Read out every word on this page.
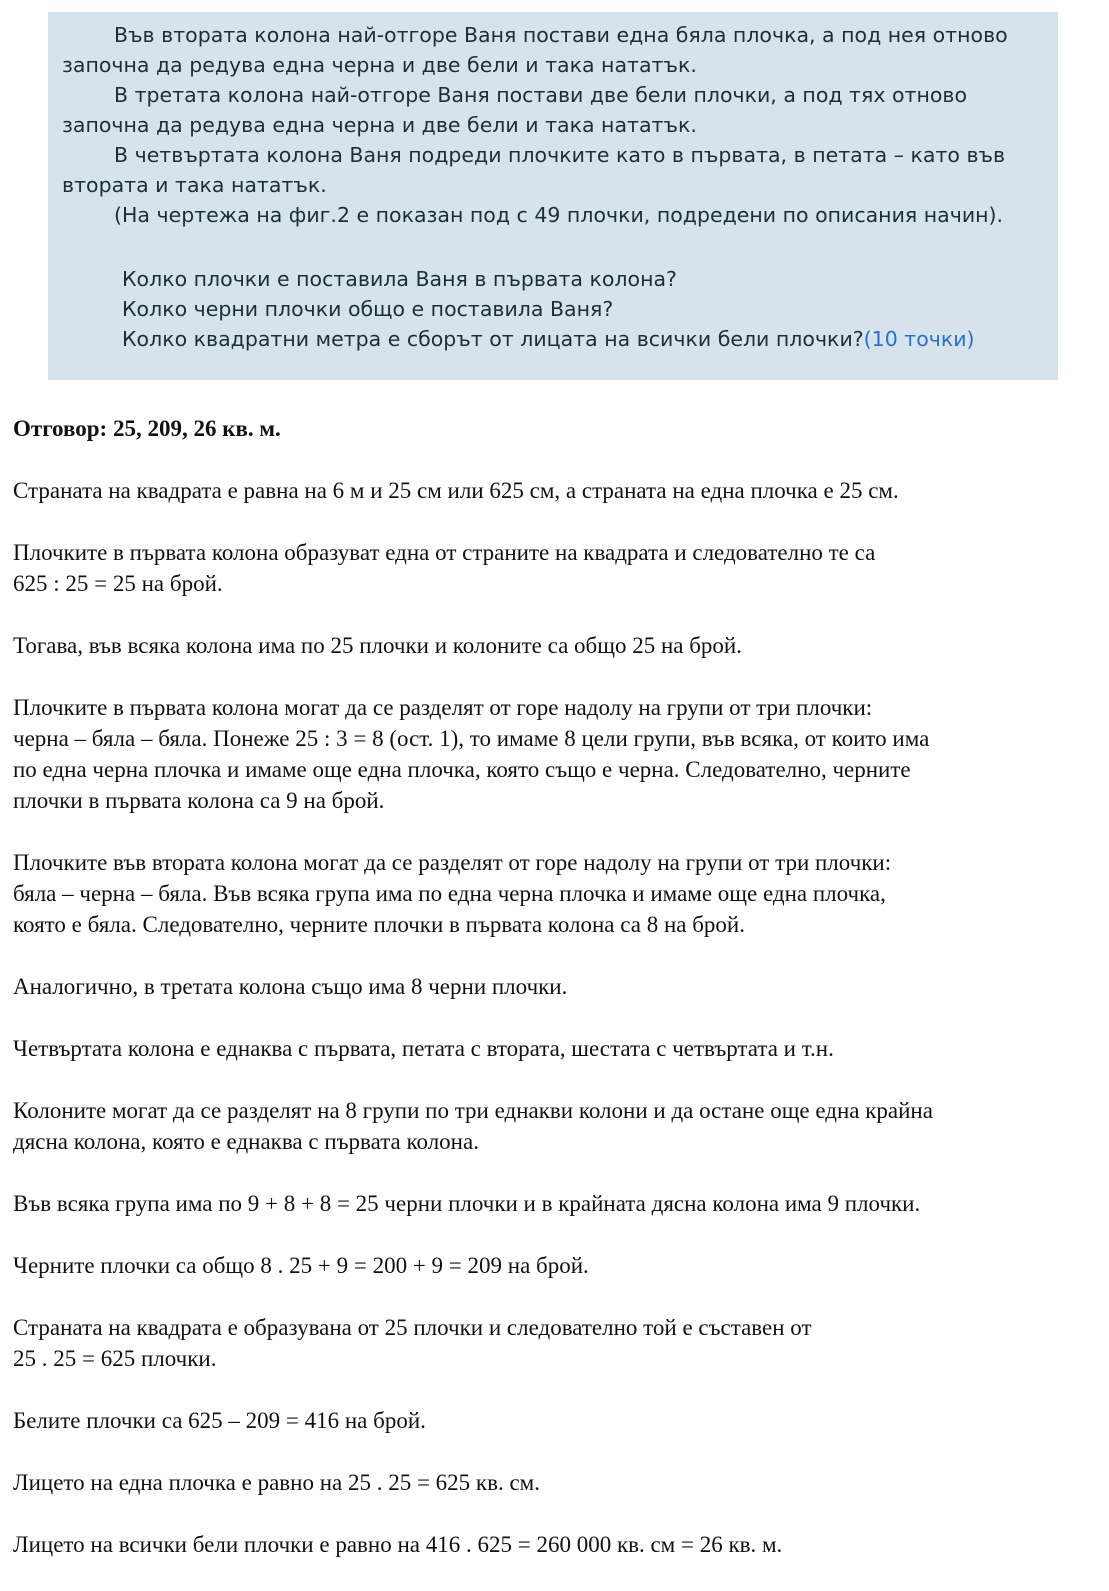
Във втората колона най-отгоре Ваня постави една бяла плочка, а под нея отново
започна да редува една черна и две бели и така нататък.
В третата колона най-отгоре Ваня постави две бели плочки, а под тях отново
започна да редува една черна и две бели и така нататък.
В четвъртата колона Ваня подреди плочките като в първата, в петата – като във
втората и така нататък.
(На чертежа на фиг.2 е показан под с 49 плочки, подредени по описания начин).
Колко плочки е поставила Ваня в първата колона?
Колко черни плочки общо е поставила Ваня?
Колко квадратни метра е сборът от лицата на всички бели плочки?(10 точки)

Отговор: 25, 209, 26 кв. м.

Страната на квадрата е равна на 6 м и 25 см или 625 см, а страната на една плочка е 25 см.

Плочките в първата колона образуват една от страните на квадрата и следователно те са
625 : 25 = 25 на брой.

Тогава, във всяка колона има по 25 плочки и колоните са общо 25 на брой.

Плочките в първата колона могат да се разделят от горе надолу на групи от три плочки:
черна – бяла – бяла. Понеже 25 : 3 = 8 (ост. 1), то имаме 8 цели групи, във всяка, от които има
по една черна плочка и имаме още една плочка, която също е черна. Следователно, черните
плочки в първата колона са 9 на брой.

Плочките във втората колона могат да се разделят от горе надолу на групи от три плочки:
бяла – черна – бяла. Във всяка група има по една черна плочка и имаме още една плочка,
която е бяла. Следователно, черните плочки в първата колона са 8 на брой.

Аналогично, в третата колона също има 8 черни плочки.

Четвъртата колона е еднаква с първата, петата с втората, шестата с четвъртата и т.н.

Колоните могат да се разделят на 8 групи по три еднакви колони и да остане още една крайна
дясна колона, която е еднаква с първата колона.

Във всяка група има по 9 + 8 + 8 = 25 черни плочки и в крайната дясна колона има 9 плочки.

Черните плочки са общо 8 . 25 + 9 = 200 + 9 = 209 на брой.

Страната на квадрата е образувана от 25 плочки и следователно той е съставен от
25 . 25 = 625 плочки.

Белите плочки са 625 – 209 = 416 на брой.

Лицето на една плочка е равно на 25 . 25 = 625 кв. см.

Лицето на всички бели плочки е равно на 416 . 625 = 260 000 кв. см = 26 кв. м.
